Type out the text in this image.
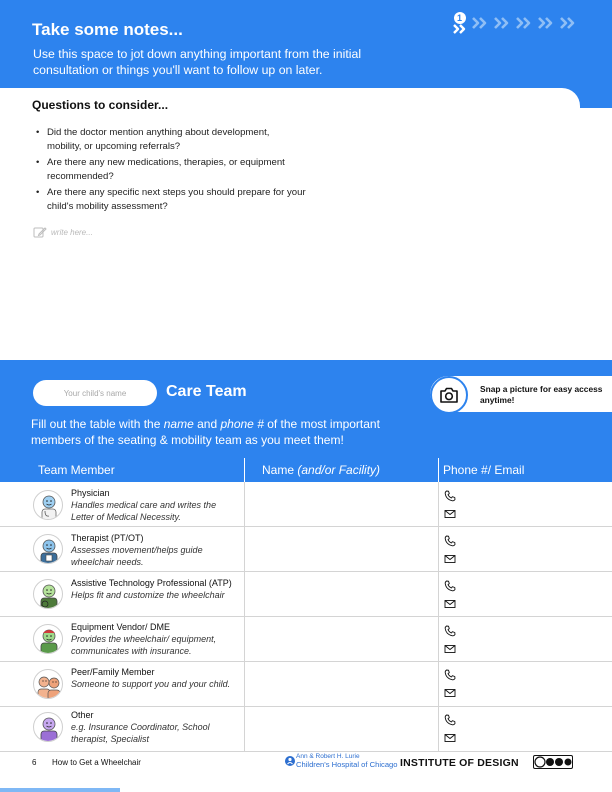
Take some notes...
Use this space to jot down anything important from the initial consultation or things you'll want to follow up on later.
1
Questions to consider...
• Did the doctor mention anything about development, mobility, or upcoming referrals?
• Are there any new medications, therapies, or equipment recommended?
• Are there any specific next steps you should prepare for your child's mobility assessment?
write here...
Your child's name
Care Team	Snap a picture for easy access anytime!
Fill out the table with the name and phone # of the most important members of the seating & mobility team as you meet them!
Team Member	Name (and/or Facility)	Phone #/ Email
Physician
Handles medical care and writes the Letter of Medical Necessity.
Therapist (PT/OT)
Assesses movement/helps guide wheelchair needs.
Assistive Technology Professional (ATP)
Helps fit and customize the wheelchair
Equipment Vendor/ DME
Provides the wheelchair/ equipment, communicates with insurance.
Peer/Family Member
Someone to support you and your child.
Other
e.g. Insurance Coordinator, School therapist, Specialist
6 How to Get a Wheelchair
Ann & Robert H. Lurie
Children's Hospital of Chicago INSTITUTE OF DESIGN
